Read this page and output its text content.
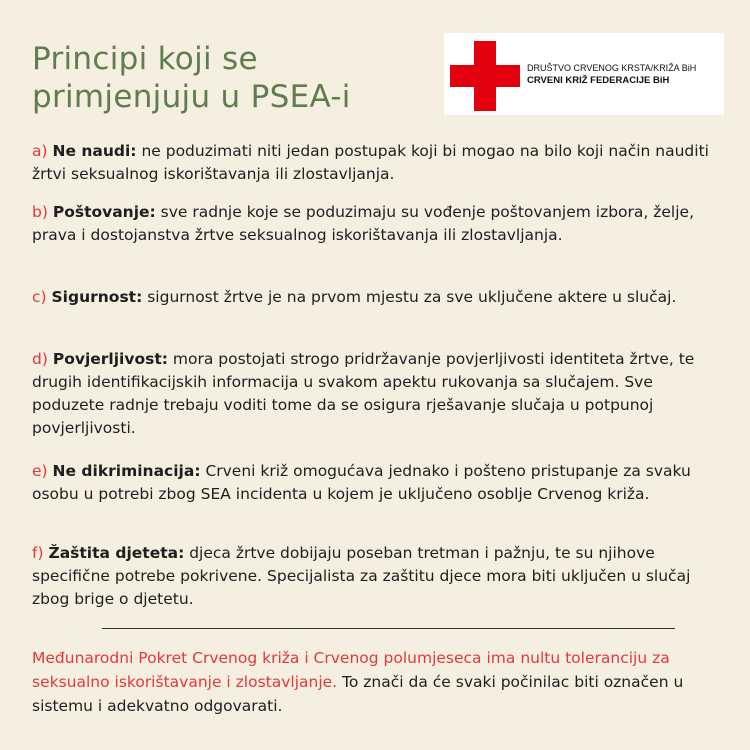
Principi koji se
primjenjuju u PSEA-i
DRUŠTVO CRVENOG KRSTA/KRIŽA BiH
CRVENI KRIŽ FEDERACIJE BiH
a) Ne naudi: ne poduzimati niti jedan postupak koji bi mogao na bilo koji način nauditi žrtvi seksualnog iskorištavanja ili zlostavljanja.
b) Poštovanje: sve radnje koje se poduzimaju su vođenje poštovanjem izbora, želje, prava i dostojanstva žrtve seksualnog iskorištavanja ili zlostavljanja.
c) Sigurnost: sigurnost žrtve je na prvom mjestu za sve uključene aktere u slučaj.
d) Povjerljivost: mora postojati strogo pridržavanje povjerljivosti identiteta žrtve, te drugih identifikacijskih informacija u svakom apektu rukovanja sa slučajem. Sve poduzete radnje trebaju voditi tome da se osigura rješavanje slučaja u potpunoj povjerljivosti.
e) Ne dikriminacija: Crveni križ omogućava jednako i pošteno pristupanje za svaku osobu u potrebi zbog SEA incidenta u kojem je uključeno osoblje Crvenog križa.
f) Žaštita djeteta: djeca žrtve dobijaju poseban tretman i pažnju, te su njihove specifične potrebe pokrivene. Specijalista za zaštitu djece mora biti uključen u slučaj zbog brige o djetetu.
Međunarodni Pokret Crvenog križa i Crvenog polumjeseca ima nultu toleranciju za seksualno iskorištavanje i zlostavljanje. To znači da će svaki počinilac biti označen u sistemu i adekvatno odgovarati.
